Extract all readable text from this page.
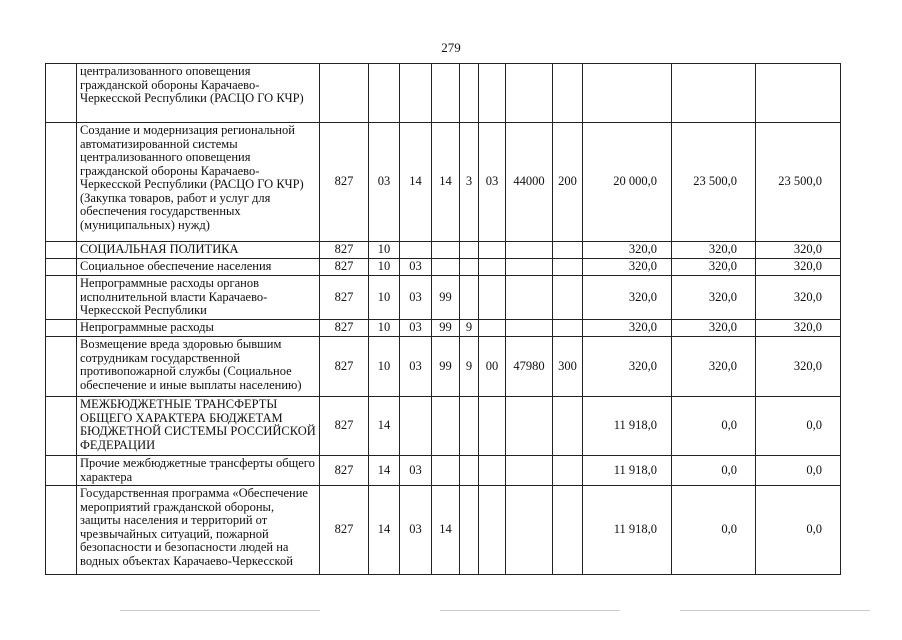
279
	централизованного оповещения гражданской обороны Карачаево-Черкесской Республики (РАСЦО ГО КЧР)											
	Создание и модернизация региональной автоматизированной системы централизованного оповещения гражданской обороны Карачаево-Черкесской Республики (РАСЦО ГО КЧР) (Закупка товаров, работ и услуг для обеспечения государственных (муниципальных) нужд)	827	03	14	14	3	03	44000	200	20 000,0	23 500,0	23 500,0
	СОЦИАЛЬНАЯ ПОЛИТИКА	827	10							320,0	320,0	320,0
	Социальное обеспечение населения	827	10	03						320,0	320,0	320,0
	Непрограммные расходы органов исполнительной власти Карачаево-Черкесской Республики	827	10	03	99					320,0	320,0	320,0
	Непрограммные расходы	827	10	03	99	9				320,0	320,0	320,0
	Возмещение вреда здоровью бывшим сотрудникам государственной противопожарной службы (Социальное обеспечение и иные выплаты населению)	827	10	03	99	9	00	47980	300	320,0	320,0	320,0
	МЕЖБЮДЖЕТНЫЕ ТРАНСФЕРТЫ ОБЩЕГО ХАРАКТЕРА БЮДЖЕТАМ БЮДЖЕТНОЙ СИСТЕМЫ РОССИЙСКОЙ ФЕДЕРАЦИИ	827	14							11 918,0	0,0	0,0
	Прочие межбюджетные трансферты общего характера	827	14	03						11 918,0	0,0	0,0
	Государственная программа «Обеспечение мероприятий гражданской обороны, защиты населения и территорий от чрезвычайных ситуаций, пожарной безопасности и безопасности людей на водных объектах Карачаево-Черкесской	827	14	03	14					11 918,0	0,0	0,0
